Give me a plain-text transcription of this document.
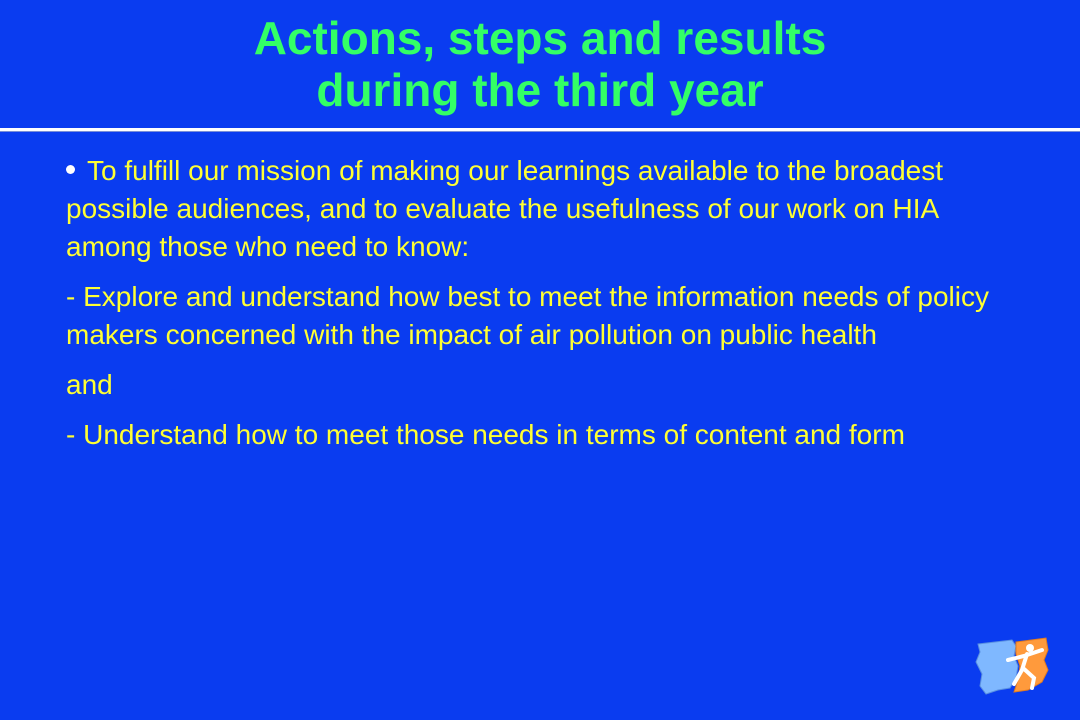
Actions, steps and results
during the third year

To fulfill our mission of making our learnings available to the broadest possible audiences, and to evaluate the usefulness of our work on HIA among those who need to know:

- Explore and understand how best to meet the information needs of policy makers concerned with the impact of air pollution on public health

and

- Understand how to meet those needs in terms of content and form
